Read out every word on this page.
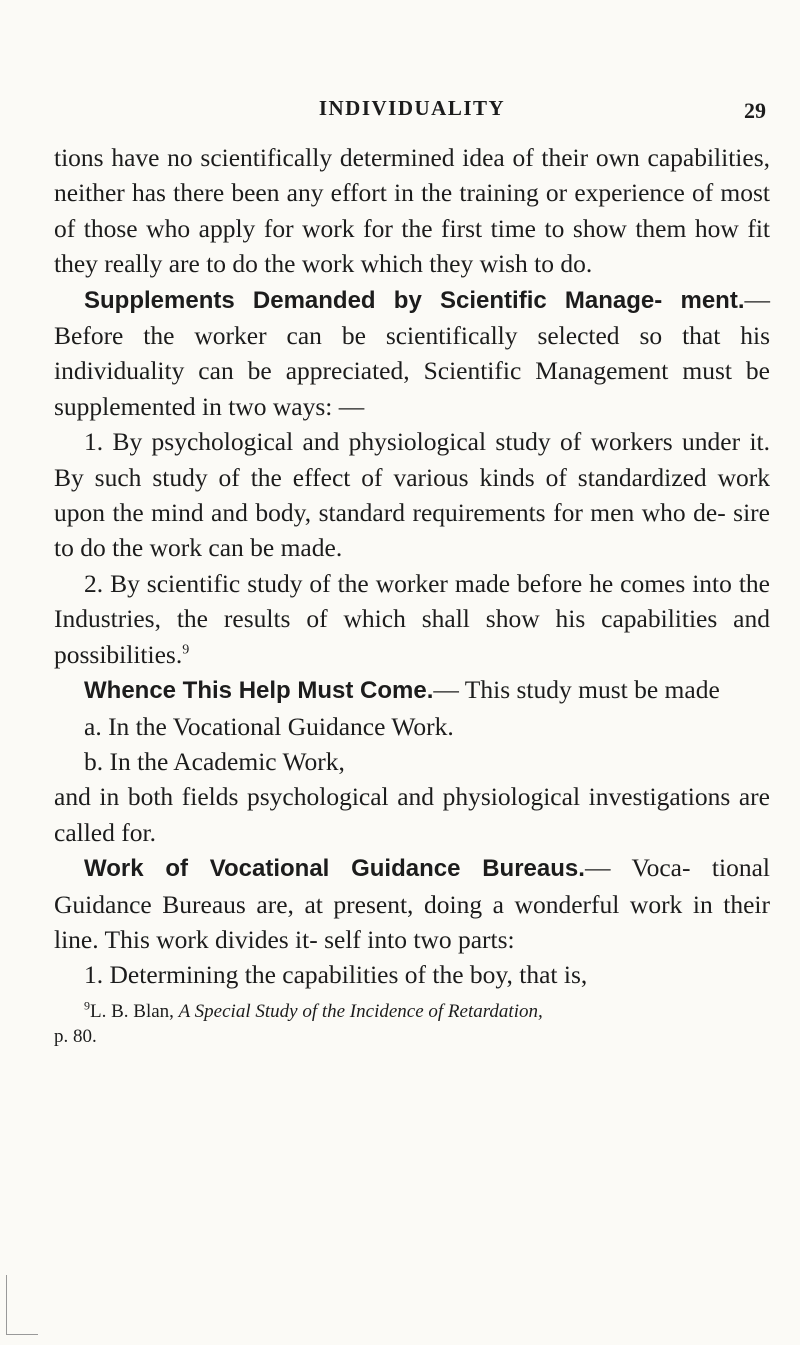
INDIVIDUALITY	29

tions have no scientifically determined idea of their own capabilities, neither has there been any effort in the training or experience of most of those who apply for work for the first time to show them how fit they really are to do the work which they wish to do.

Supplements Demanded by Scientific Manage- ment.— Before the worker can be scientifically selected so that his individuality can be appreciated, Scientific Management must be supplemented in two ways: —

1. By psychological and physiological study of workers under it. By such study of the effect of various kinds of standardized work upon the mind and body, standard requirements for men who de- sire to do the work can be made.

2. By scientific study of the worker made before he comes into the Industries, the results of which shall show his capabilities and possibilities.$^9$

Whence This Help Must Come.— This study must be made

a. In the Vocational Guidance Work.

b. In the Academic Work,

and in both fields psychological and physiological investigations are called for.

Work of Vocational Guidance Bureaus.— Voca- tional Guidance Bureaus are, at present, doing a wonderful work in their line. This work divides it- self into two parts:

1. Determining the capabilities of the boy, that is,

$^9$L. B. Blan, A Special Study of the Incidence of Retardation,
p. 80.
